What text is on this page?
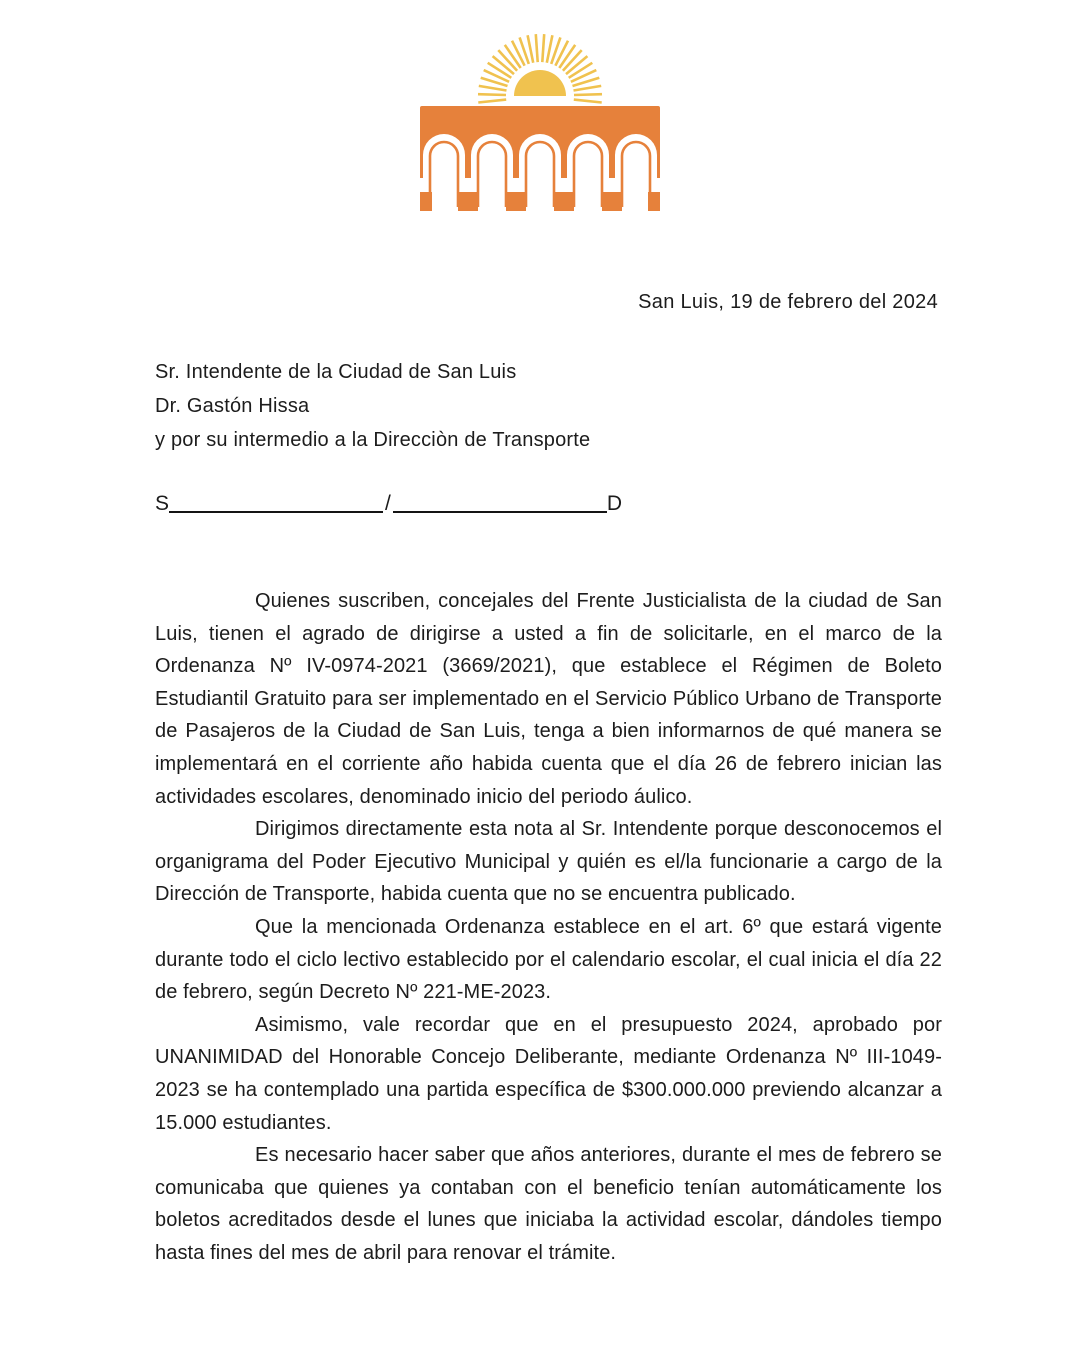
San Luis, 19 de febrero del 2024
Sr. Intendente de la Ciudad de San Luis
Dr. Gastón Hissa
y por su intermedio a la Direcciòn de Transporte
S	/	D

Quienes suscriben, concejales del Frente Justicialista de la ciudad de San Luis, tienen el agrado de dirigirse a usted a fin de solicitarle, en el marco de la Ordenanza Nº IV-0974-2021 (3669/2021), que establece el Régimen de Boleto Estudiantil Gratuito para ser implementado en el Servicio Público Urbano de Transporte de Pasajeros de la Ciudad de San Luis, tenga a bien informarnos de qué manera se implementará en el corriente año habida cuenta que el día 26 de febrero inician las actividades escolares, denominado inicio del periodo áulico.

Dirigimos directamente esta nota al Sr. Intendente porque desconocemos el organigrama del Poder Ejecutivo Municipal y quién es el/la funcionarie a cargo de la Dirección de Transporte, habida cuenta que no se encuentra publicado.

Que la mencionada Ordenanza establece en el art. 6º que estará vigente durante todo el ciclo lectivo establecido por el calendario escolar, el cual inicia el día 22 de febrero, según Decreto Nº 221-ME-2023.

Asimismo, vale recordar que en el presupuesto 2024, aprobado por UNANIMIDAD del Honorable Concejo Deliberante, mediante Ordenanza Nº III-1049-2023 se ha contemplado una partida específica de $300.000.000 previendo alcanzar a 15.000 estudiantes.

Es necesario hacer saber que años anteriores, durante el mes de febrero se comunicaba que quienes ya contaban con el beneficio tenían automáticamente los boletos acreditados desde el lunes que iniciaba la actividad escolar, dándoles tiempo hasta fines del mes de abril para renovar el trámite.
